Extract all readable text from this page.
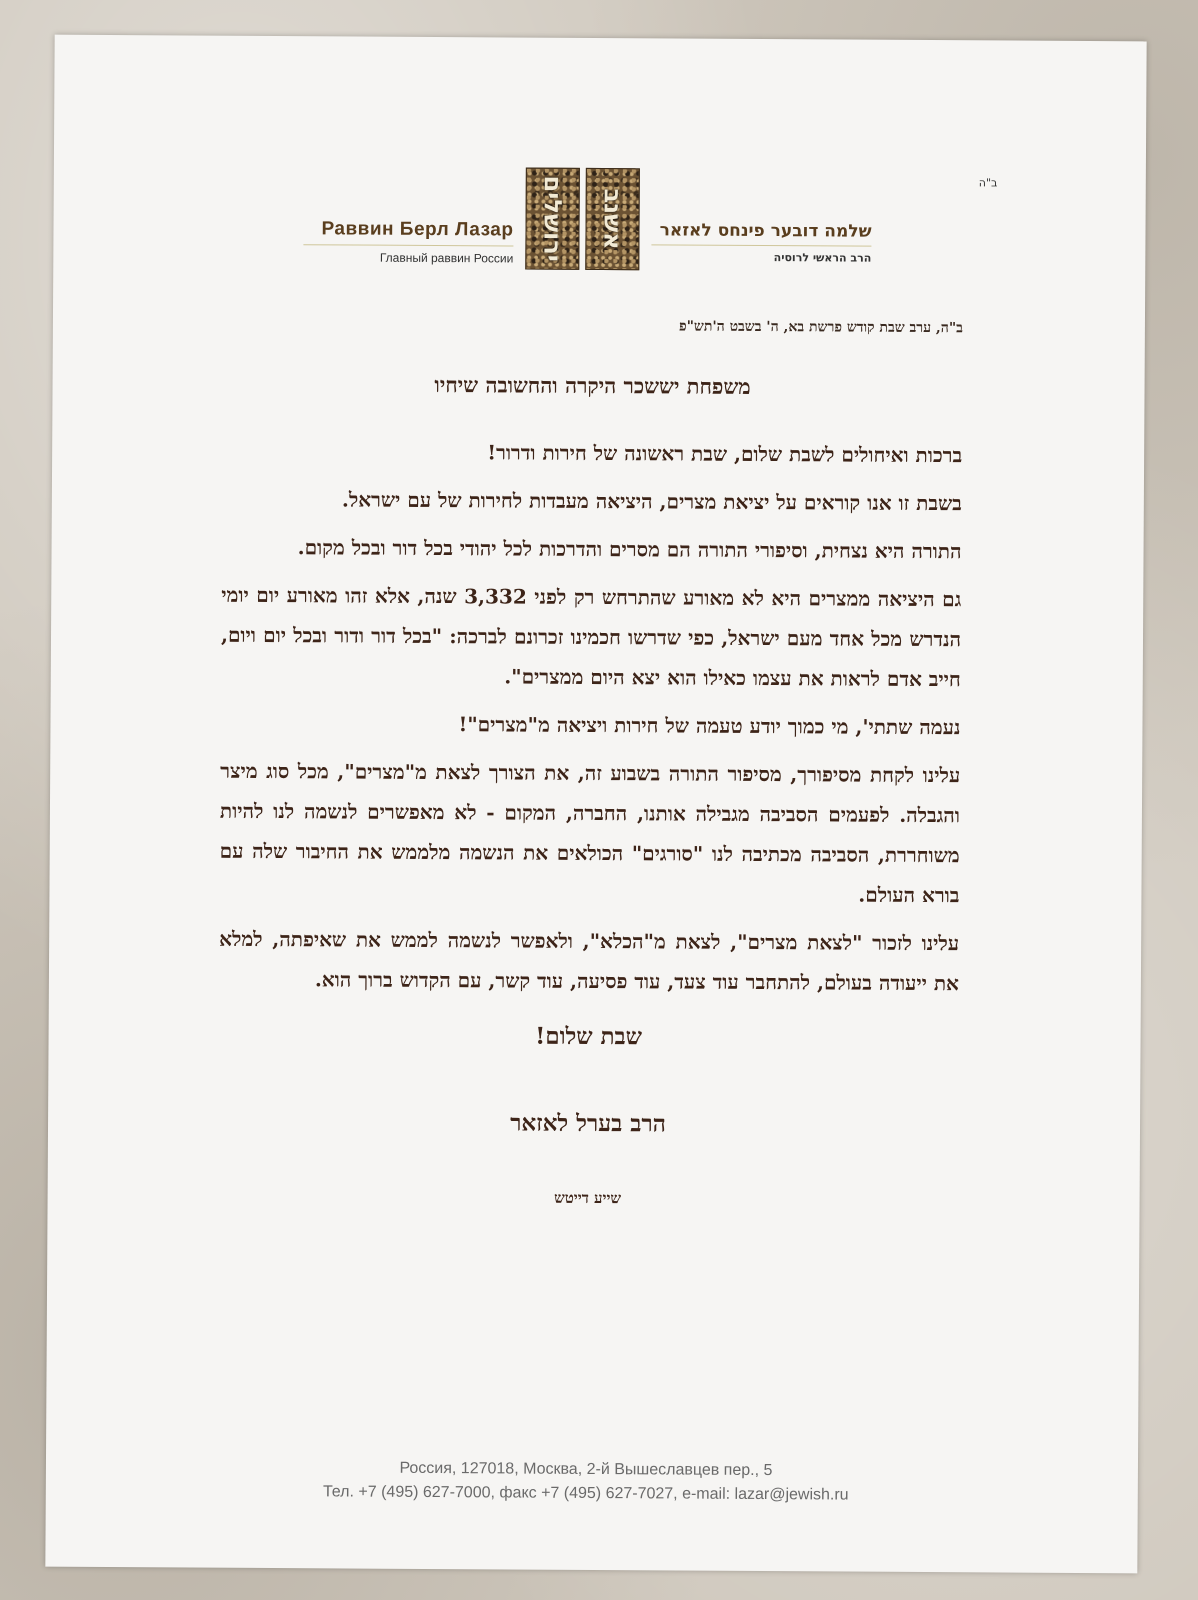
ב"ה
Раввин Берл Лазар
Главный раввин России ירושלים אשנב	שלמה דובער פינחס לאזאר
הרב הראשי לרוסיה
ב"ה, ערב שבת קודש פרשת בא, ה' בשבט ה'תש"פ
משפחת יששכר היקרה והחשובה שיחיו

ברכות ואיחולים לשבת שלום, שבת ראשונה של חירות ודרור!

בשבת זו אנו קוראים על יציאת מצרים, היציאה מעבדות לחירות של עם ישראל.

התורה היא נצחית, וסיפורי התורה הם מסרים והדרכות לכל יהודי בכל דור ובכל מקום.

גם היציאה ממצרים היא לא מאורע שהתרחש רק לפני 3,332 שנה, אלא זהו מאורע יום יומי הנדרש מכל אחד מעם ישראל, כפי שדרשו חכמינו זכרונם לברכה: "בכל דור ודור ובכל יום ויום, חייב אדם לראות את עצמו כאילו הוא יצא היום ממצרים".

נעמה שתתי', מי כמוך יודע טעמה של חירות ויציאה מ"מצרים"!

עלינו לקחת מסיפורך, מסיפור התורה בשבוע זה, את הצורך לצאת מ"מצרים", מכל סוג מיצר והגבלה. לפעמים הסביבה מגבילה אותנו, החברה, המקום - לא מאפשרים לנשמה לנו להיות משוחררת, הסביבה מכתיבה לנו "סורגים" הכולאים את הנשמה מלממש את החיבור שלה עם בורא העולם.

עלינו לזכור "לצאת מצרים", לצאת מ"הכלא", ולאפשר לנשמה לממש את שאיפתה, למלא את ייעודה בעולם, להתחבר עוד צעד, עוד פסיעה, עוד קשר, עם הקדוש ברוך הוא.

שבת שלום!
הרב בערל לאזאר
שייע דייטש
Россия, 127018, Москва, 2-й Вышеславцев пер., 5
Тел. +7 (495) 627-7000, факс +7 (495) 627-7027, e-mail: lazar@jewish.ru
